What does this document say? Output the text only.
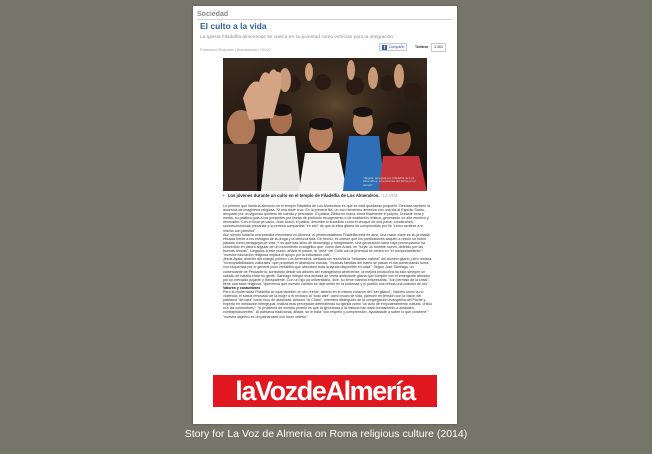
Sociedad
El culto a la vida
La Iglesia Filadelfia almeriense se vuelca en su juventud como vehículo para la integración
Francisco Esquivel | Actualizado | 00:00	f	Compartir	Twittear	3,363
"Tarjeta: recogida por Filadelfia de Los Almendros. Los jóvenes del barrio en el templo"
• Los jóvenes durante un culto en el templo de Filadelfia de Los Almendros. LA VOZ

Lo primero que llama la atención en el templo Filadelfia de Los Almendros es que se está quedando pequeño. Destaca también la ausencia de imaginería religiosa. Ni una triste cruz. En la primera fila, un coro femenino ameniza con una loa al Espíritu Santo, arropado por un vigoroso quinteto de cuerda y percusión. El pastor, Biblia en mano, toma finalmente el púlpito. Durante hora y media, su palabra guía a los presentes por líneas de profundo recogimiento o de exaltación mística, generando un aire emotivo y renovador. Con el local ya vacío, Juan Aracil, el pastor, describe lo sucedido como el choque de dos polos: condiciones socioeconómicas precarias y la certeza compartida "en sítu" de que la ética gitana ha comprendido por fin "como sentirse a sí mismo con plenitud".

Aún siendo todavía una práctica minoritaria en Almería, el pentecostalismo Filadelfia está en alza. Una razón clave es su probada eficacia frente a los estragos de la droga y la delincuencia. De hecho, es común que los predicadores saquen a relucir su turbio pasado como pedagogía de vida. Y es que tras años de desarraigo y marginación, una generación sana cuya preocupación ha convertido en piedra angular de un movimiento evangélico que, como dice Aracil, en "forjar un hombre nuevo, definido por las buenas formas". Llegados a este punto, añade el pastor, la "obra" del Culto con la juventud se centra en "el comportamiento": "nuestra educación religiosa implica el apoyo por la educación civil".

Jesús Ayala, director del colegio público Los Almendros, destaca sin reservas la "brillantez natural" del alumno gitano, pero recalca "incompatibilidades culturales" que propician el abandono escolar, "muchas familias del barrio se pasan el día comerciando fuera, con esquemas por lo general poco rentables que absorben toda la ayuda disponible en casa". Según José Santiago, un comerciante de Pescadería, sorteando desde los albores del evangelismo almeriense, la mejora productiva ha sido siempre un caballo de batalla entre su gente. Santiago integra una armada de venta ambulante gitana que compite con el emergente africano por un mercado pujante y transparente. Con un hijo ya universitario, dice, su firme marcha empresarial, "con permiso de la crisis", tiene una base religiosa: "queremos que nuestro cambio se deje sentir en la sociedad y el pueblo nos brinda una ocasión de oro".

Valores y costumbres

Pero la modernidad Filadelfia se topa también en otro frente, abierto en el mismo corazón del "ser gitano". Valores como la no violencia, el status renovado de la mujer o el rechazo al "todo vale" como modo de vida, parecen en tensión con la visión del patriarca "de vara" como foco de autoridad. Antonio "el Chato", miembro distinguido de la congregación evangélica del Puche y experto en mediación intergrupal, matiza esta percepción defendiendo su iglesia como "un acto de empoderamiento cultural, crítico con las costumbres": "el problema de nuestro pueblo es que la ignorancia y la historia han dado fundamento a actitudes contraproducentes". Al patriarca tradicional, añade, se le trata "con respeto y comprensión, ayudándole a saber lo que conviene": "nuestro objetivo es un patriarcado con buen criterio".

laVozdeAlmería
Story for La Voz de Almeria on Roma religious culture (2014)
